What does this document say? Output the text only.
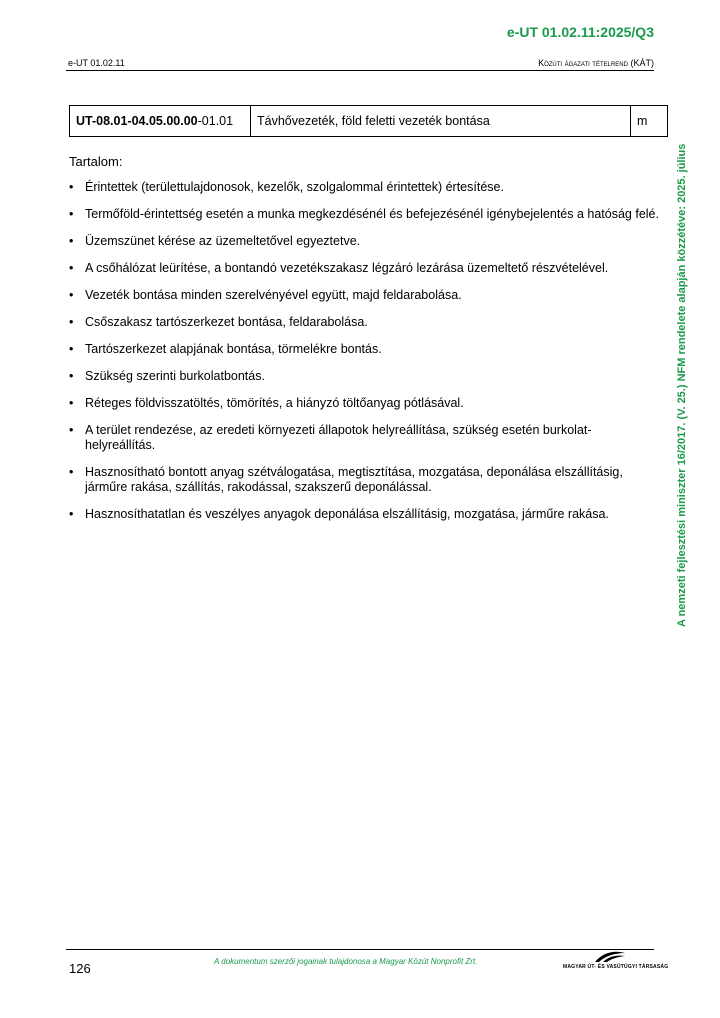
e-UT 01.02.11:2025/Q3
e-UT 01.02.11	Közúti ágazati tételrend (KÁT)
A nemzeti fejlesztési miniszter 16/2017. (V. 25.) NFM rendelete alapján közzétéve: 2025. július
UT-08.01-04.05.00.00-01.01	Távhővezeték, föld feletti vezeték bontása	m
Tartalom:
• Érintettek (területtulajdonosok, kezelők, szolgalommal érintettek) értesítése.
• Termőföld-érintettség esetén a munka megkezdésénél és befejezésénél igénybejelentés a hatóság felé.
• Üzemszünet kérése az üzemeltetővel egyeztetve.
• A csőhálózat leürítése, a bontandó vezetékszakasz légzáró lezárása üzemeltető részvételével.
• Vezeték bontása minden szerelvényével együtt, majd feldarabolása.
• Csőszakasz tartószerkezet bontása, feldarabolása.
• Tartószerkezet alapjának bontása, törmelékre bontás.
• Szükség szerinti burkolatbontás.
• Réteges földvisszatöltés, tömörítés, a hiányzó töltőanyag pótlásával.
• A terület rendezése, az eredeti környezeti állapotok helyreállítása, szükség esetén burkolat-helyreállítás.
• Hasznosítható bontott anyag szétválogatása, megtisztítása, mozgatása, deponálása elszállításig, járműre rakása, szállítás, rakodással, szakszerű deponálással.
• Hasznosíthatatlan és veszélyes anyagok deponálása elszállításig, mozgatása, járműre rakása.
126	A dokumentum szerzői jogainak tulajdonosa a Magyar Közút Nonprofit Zrt.
MAGYAR ÚT- ÉS VASÚTÜGYI TÁRSASÁG
